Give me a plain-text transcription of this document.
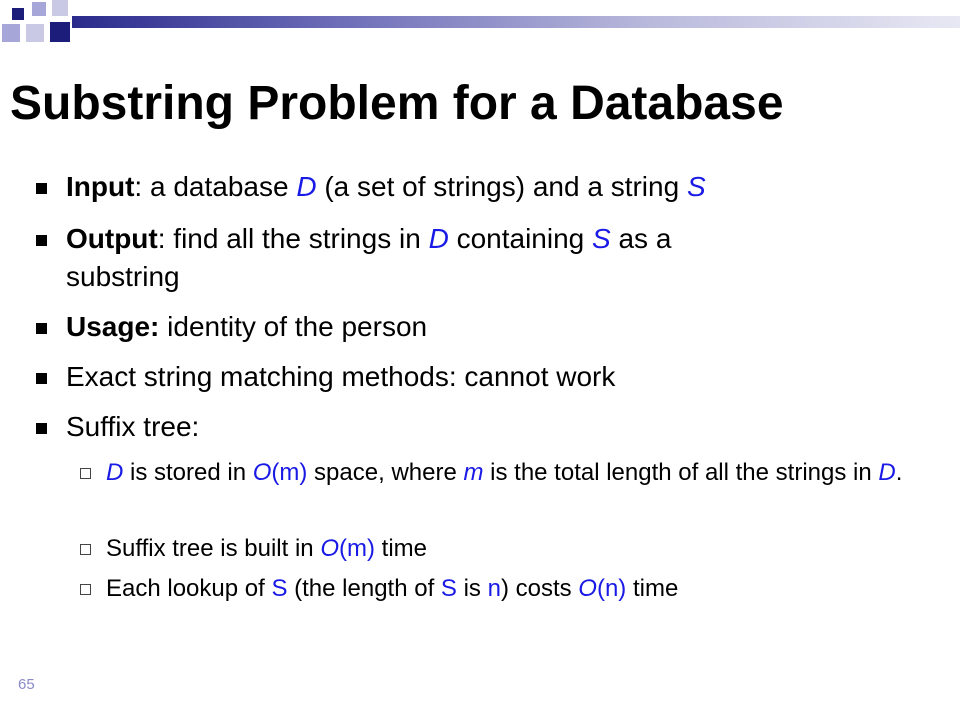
Substring Problem for a Database
Input: a database D (a set of strings) and a string S
Output: find all the strings in D containing S as a substring
Usage: identity of the person
Exact string matching methods: cannot work
Suffix tree:
D is stored in O(m) space, where m is the total length of all the strings in D.
Suffix tree is built in O(m) time
Each lookup of S (the length of S is n) costs O(n) time
65
